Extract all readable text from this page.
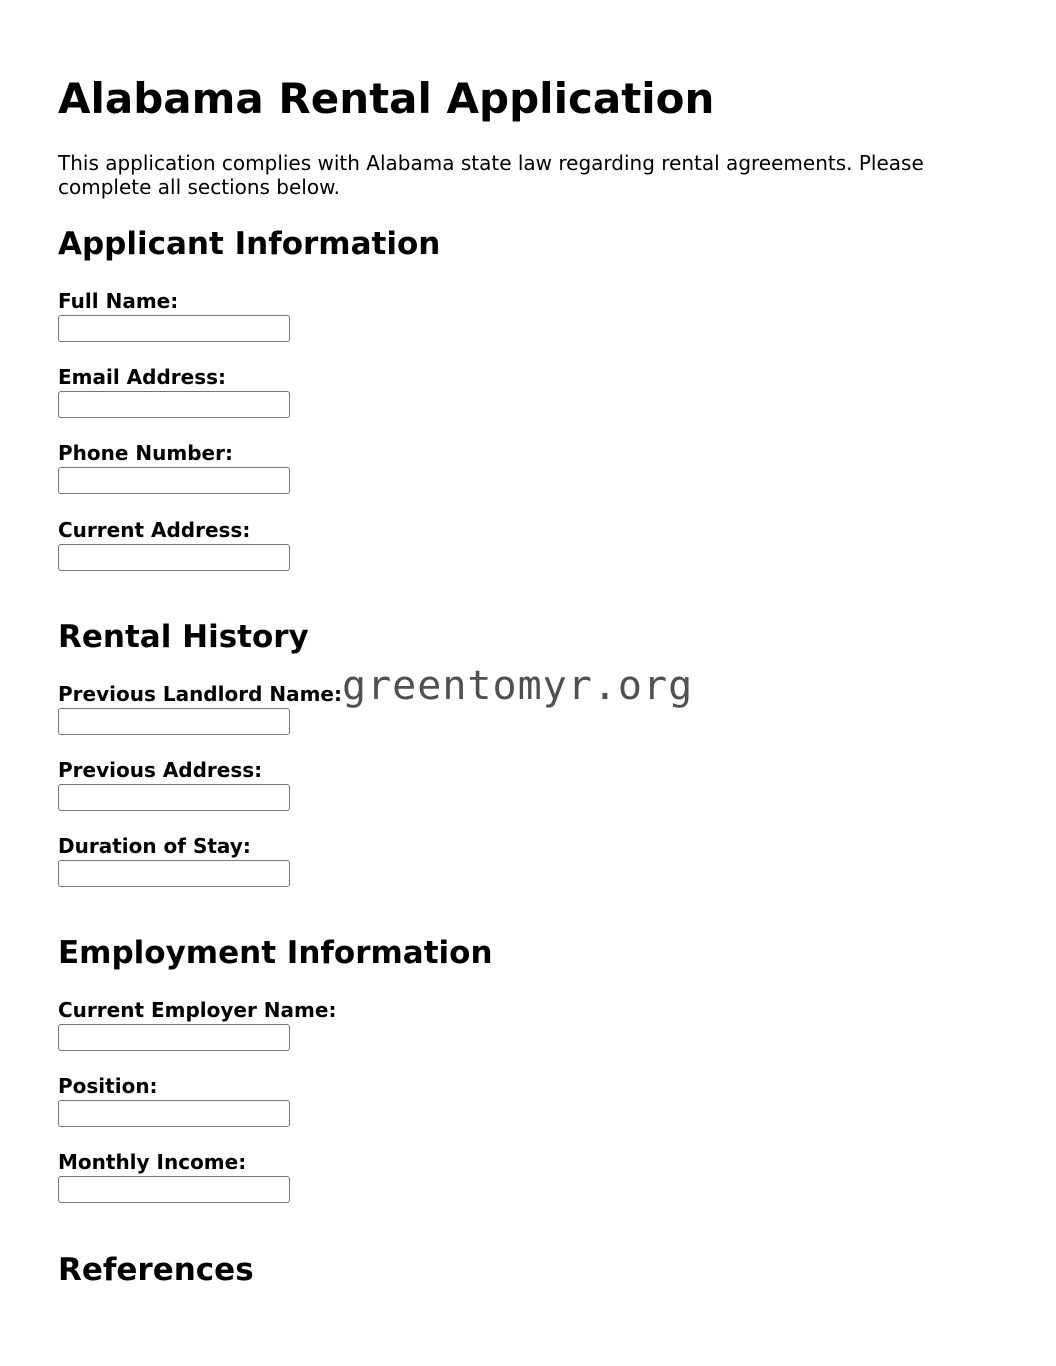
Alabama Rental Application

This application complies with Alabama state law regarding rental agreements. Please complete all sections below.

Applicant Information
Full Name:
Email Address:
Phone Number:
Current Address:
Rental History
Previous Landlord Name:
Previous Address:
Duration of Stay:
Employment Information
Current Employer Name:
Position:
Monthly Income:
References
greentomyr.org
